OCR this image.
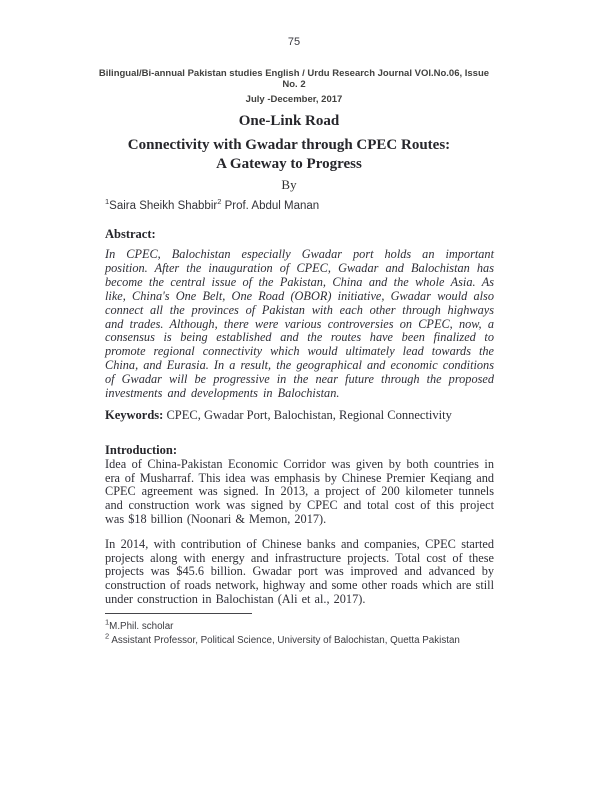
75
Bilingual/Bi-annual Pakistan studies English / Urdu Research Journal VOl.No.06, Issue No. 2
July -December, 2017
One-Link Road
Connectivity with Gwadar through CPEC Routes: A Gateway to Progress
By
$^1$Saira Sheikh Shabbir$^2$ Prof. Abdul Manan
Abstract:
In CPEC, Balochistan especially Gwadar port holds an important position. After the inauguration of CPEC, Gwadar and Balochistan has become the central issue of the Pakistan, China and the whole Asia. As like, China's One Belt, One Road (OBOR) initiative, Gwadar would also connect all the provinces of Pakistan with each other through highways and trades. Although, there were various controversies on CPEC, now, a consensus is being established and the routes have been finalized to promote regional connectivity which would ultimately lead towards the China, and Eurasia. In a result, the geographical and economic conditions of Gwadar will be progressive in the near future through the proposed investments and developments in Balochistan.
Keywords: CPEC, Gwadar Port, Balochistan, Regional Connectivity
Introduction:
Idea of China-Pakistan Economic Corridor was given by both countries in era of Musharraf. This idea was emphasis by Chinese Premier Keqiang and CPEC agreement was signed. In 2013, a project of 200 kilometer tunnels and construction work was signed by CPEC and total cost of this project was $18 billion (Noonari & Memon, 2017).
In 2014, with contribution of Chinese banks and companies, CPEC started projects along with energy and infrastructure projects. Total cost of these projects was $45.6 billion. Gwadar port was improved and advanced by construction of roads network, highway and some other roads which are still under construction in Balochistan (Ali et al., 2017).
$^1$M.Phil. scholar
$^2$ Assistant Professor, Political Science, University of Balochistan, Quetta Pakistan
